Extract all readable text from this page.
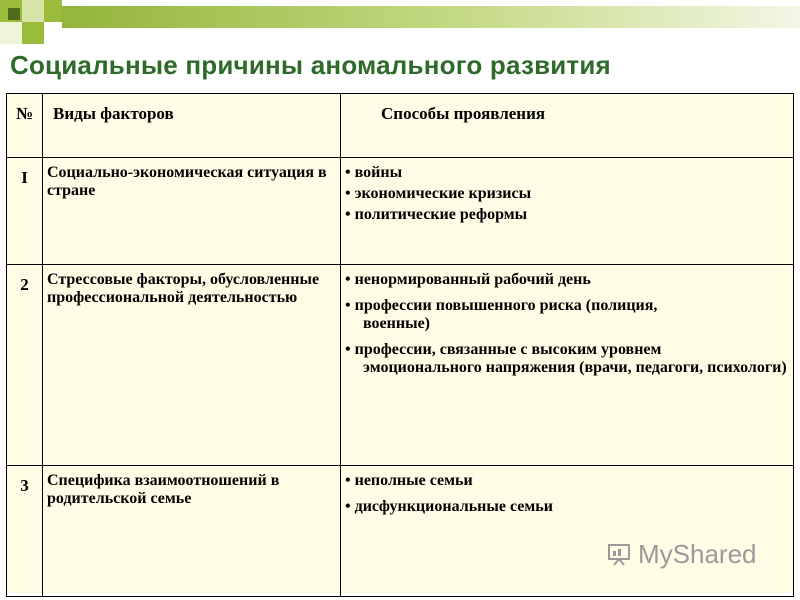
Социальные причины аномального развития
№	Виды факторов	Способы проявления
I	Социально-экономическая ситуация в стране	• войны
• экономические кризисы
• политические реформы

2	Стрессовые факторы, обусловленные профессиональной деятельностью	• ненормированный рабочий день
• профессии повышенного риска (полиция,
военные)
• профессии, связанные с высоким уровнем
эмоционального напряжения (врачи, педагоги, психологи)

3	Специфика взаимоотношений в родительской семье	• неполные семьи
• дисфункциональные семьи
MyShared
